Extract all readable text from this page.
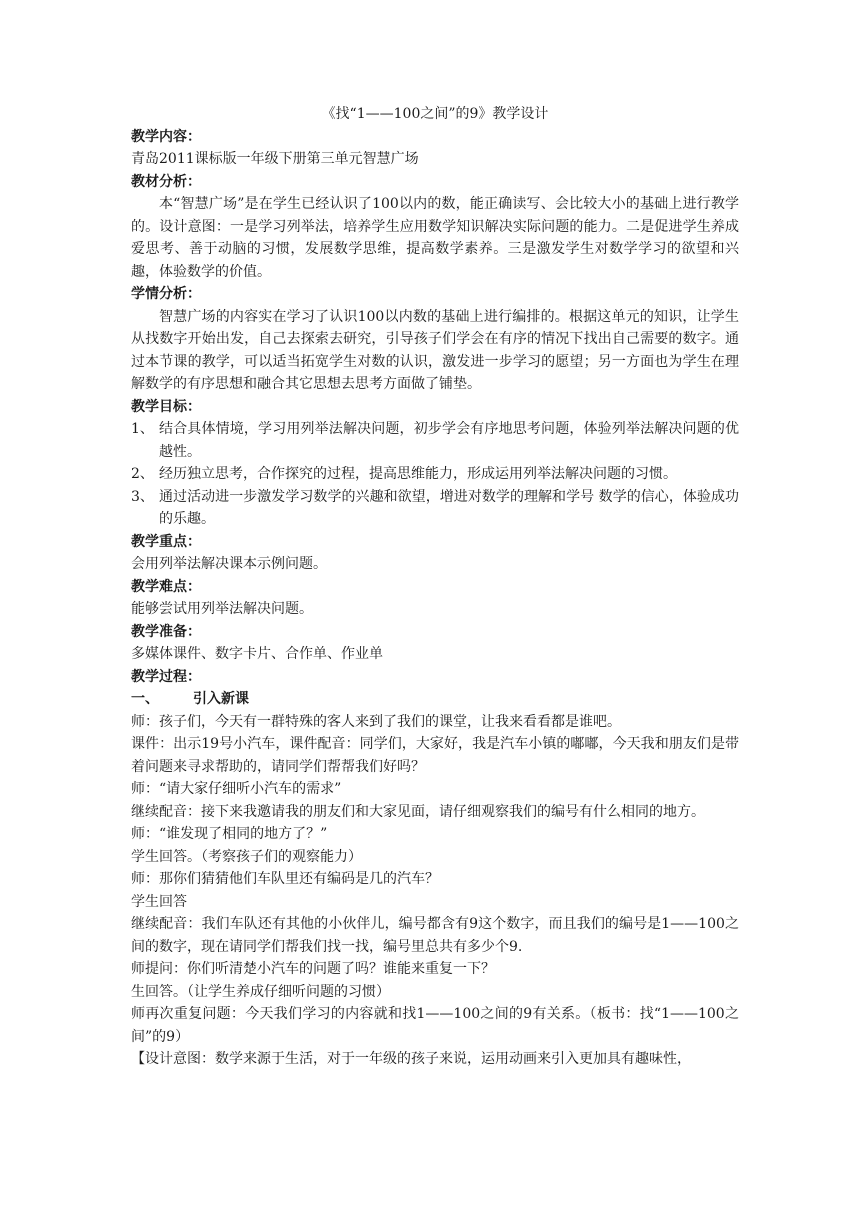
《找“1——100之间”的9》教学设计
教学内容：
青岛2011课标版一年级下册第三单元智慧广场
教材分析：
本“智慧广场”是在学生已经认识了100以内的数，能正确读写、会比较大小的基础上进行教学的。设计意图：一是学习列举法，培养学生应用数学知识解决实际问题的能力。二是促进学生养成爱思考、善于动脑的习惯，发展数学思维，提高数学素养。三是激发学生对数学学习的欲望和兴趣，体验数学的价值。
学情分析：
智慧广场的内容实在学习了认识100以内数的基础上进行编排的。根据这单元的知识，让学生从找数字开始出发，自己去探索去研究，引导孩子们学会在有序的情况下找出自己需要的数字。通过本节课的教学，可以适当拓宽学生对数的认识，激发进一步学习的愿望；另一方面也为学生在理解数学的有序思想和融合其它思想去思考方面做了铺垫。
教学目标：
1、 结合具体情境，学习用列举法解决问题，初步学会有序地思考问题，体验列举法解决问题的优越性。
2、 经历独立思考，合作探究的过程，提高思维能力，形成运用列举法解决问题的习惯。
3、 通过活动进一步激发学习数学的兴趣和欲望，增进对数学的理解和学号 数学的信心，体验成功的乐趣。
教学重点：
会用列举法解决课本示例问题。
教学难点：
能够尝试用列举法解决问题。
教学准备：
多媒体课件、数字卡片、合作单、作业单
教学过程：
一、	引入新课
师：孩子们，今天有一群特殊的客人来到了我们的课堂，让我来看看都是谁吧。
课件：出示19号小汽车，课件配音：同学们，大家好，我是汽车小镇的嘟嘟，今天我和朋友们是带着问题来寻求帮助的，请同学们帮帮我们好吗？
师：“请大家仔细听小汽车的需求”
继续配音：接下来我邀请我的朋友们和大家见面，请仔细观察我们的编号有什么相同的地方。
师：“谁发现了相同的地方了？”
学生回答。（考察孩子们的观察能力）
师：那你们猜猜他们车队里还有编码是几的汽车？
学生回答
继续配音：我们车队还有其他的小伙伴儿，编号都含有9这个数字，而且我们的编号是1——100之间的数字，现在请同学们帮我们找一找，编号里总共有多少个9.
师提问：你们听清楚小汽车的问题了吗？谁能来重复一下？
生回答。（让学生养成仔细听问题的习惯）
师再次重复问题：今天我们学习的内容就和找1——100之间的9有关系。（板书：找“1——100之间”的9）
【设计意图：数学来源于生活，对于一年级的孩子来说，运用动画来引入更加具有趣味性，
